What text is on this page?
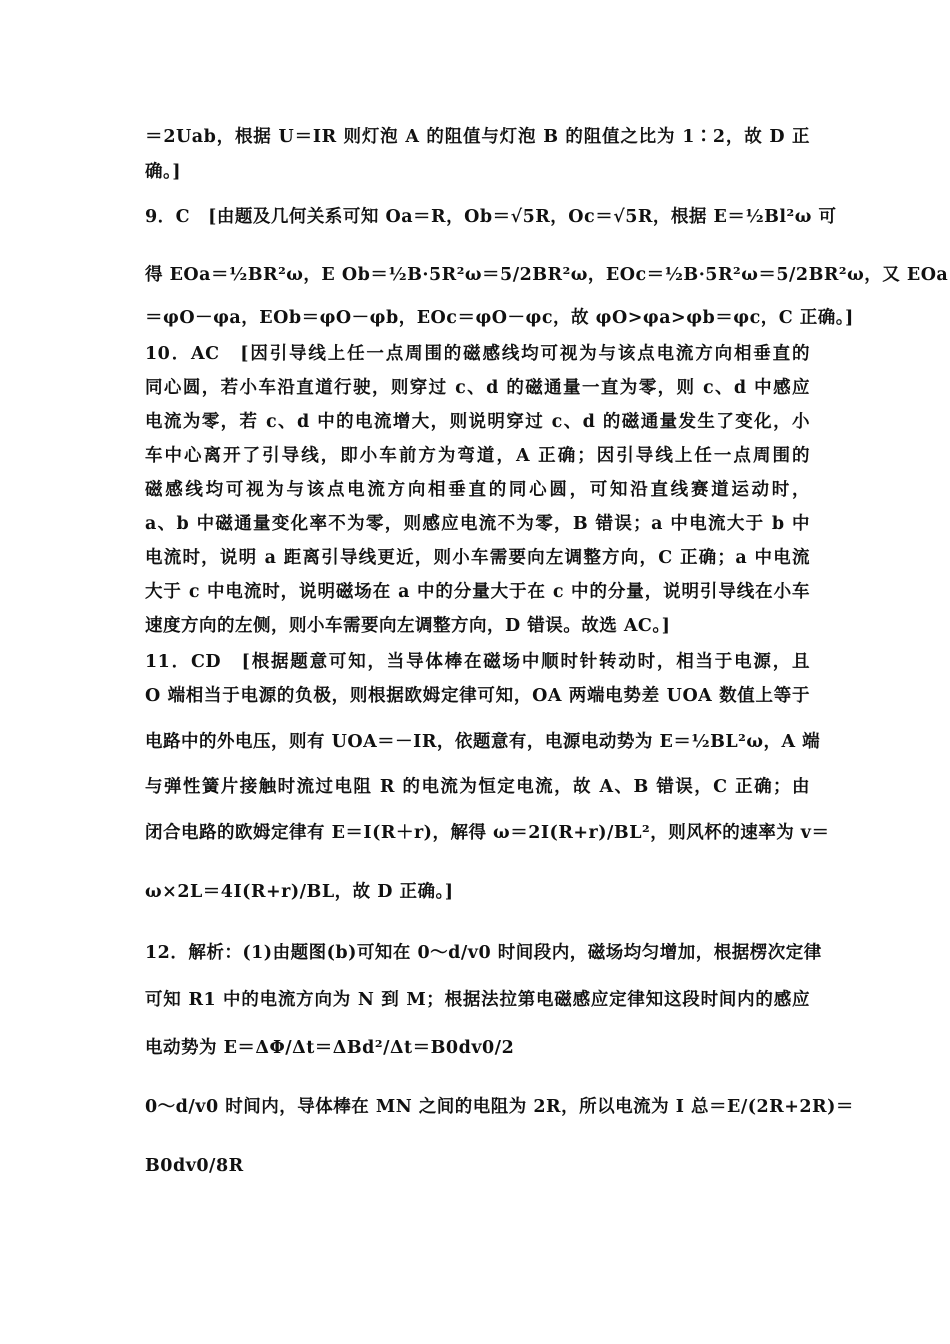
＝2Uab，根据 U＝IR 则灯泡 A 的阻值与灯泡 B 的阻值之比为 1∶2，故 D 正
确。]
9．C　[由题及几何关系可知 Oa＝R，Ob＝√5R，Oc＝√5R，根据 E＝½Bl²ω 可
得 EOa＝½BR²ω，E Ob＝½B·5R²ω＝5/2BR²ω，EOc＝½B·5R²ω＝5/2BR²ω，又 EOa
＝φO－φa，EOb＝φO－φb，EOc＝φO－φc，故 φO>φa>φb＝φc，C 正确。]
10．AC　[因引导线上任一点周围的磁感线均可视为与该点电流方向相垂直的
同心圆，若小车沿直道行驶，则穿过 c、d 的磁通量一直为零，则 c、d 中感应
电流为零，若 c、d 中的电流增大，则说明穿过 c、d 的磁通量发生了变化，小
车中心离开了引导线，即小车前方为弯道，A 正确；因引导线上任一点周围的
磁感线均可视为与该点电流方向相垂直的同心圆，可知沿直线赛道运动时，
a、b 中磁通量变化率不为零，则感应电流不为零，B 错误；a 中电流大于 b 中
电流时，说明 a 距离引导线更近，则小车需要向左调整方向，C 正确；a 中电流
大于 c 中电流时，说明磁场在 a 中的分量大于在 c 中的分量，说明引导线在小车
速度方向的左侧，则小车需要向左调整方向，D 错误。故选 AC。]
11．CD　[根据题意可知，当导体棒在磁场中顺时针转动时，相当于电源，且
O 端相当于电源的负极，则根据欧姆定律可知，OA 两端电势差 UOA 数值上等于
电路中的外电压，则有 UOA＝－IR，依题意有，电源电动势为 E＝½BL²ω，A 端
与弹性簧片接触时流过电阻 R 的电流为恒定电流，故 A、B 错误，C 正确；由
闭合电路的欧姆定律有 E＝I(R＋r)，解得 ω＝2I(R+r)/BL²，则风杯的速率为 v＝
ω×2L＝4I(R+r)/BL，故 D 正确。]
12．解析：(1)由题图(b)可知在 0～d/v0 时间段内，磁场均匀增加，根据楞次定律
可知 R1 中的电流方向为 N 到 M；根据法拉第电磁感应定律知这段时间内的感应
电动势为 E＝ΔΦ/Δt＝ΔBd²/Δt＝B0dv0/2
0～d/v0 时间内，导体棒在 MN 之间的电阻为 2R，所以电流为 I 总＝E/(2R+2R)＝
B0dv0/8R
